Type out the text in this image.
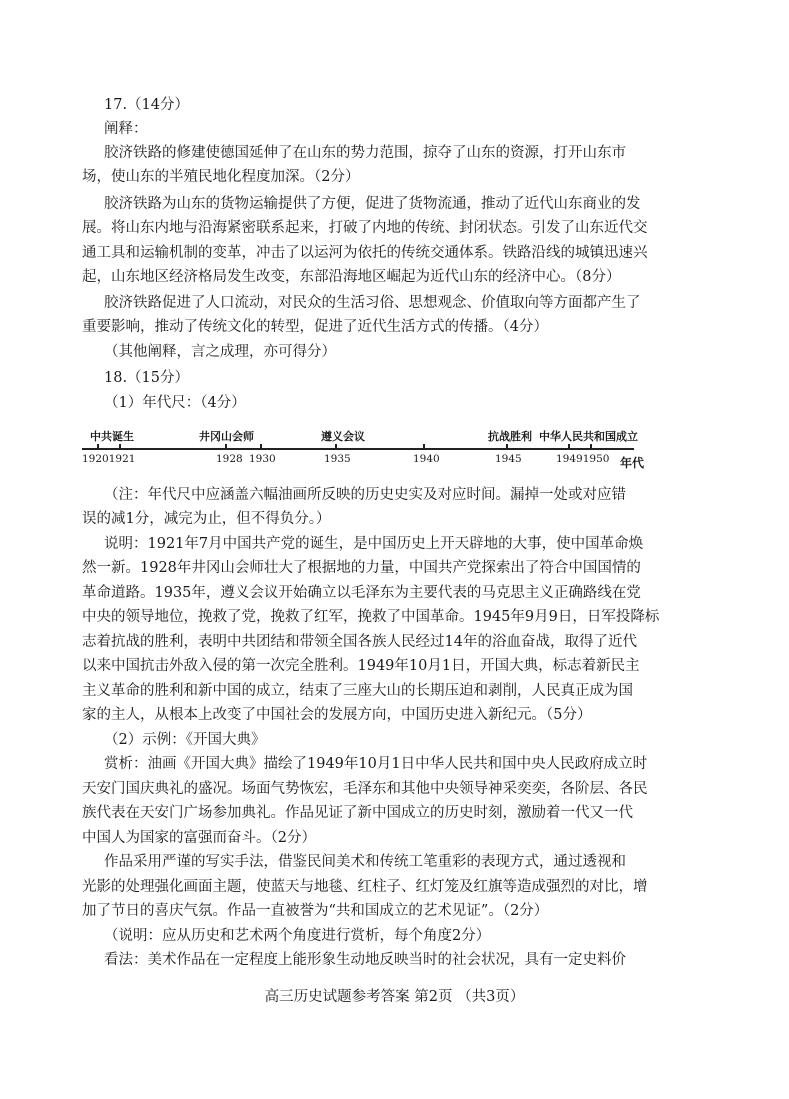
17.（14分）
阐释：
胶济铁路的修建使德国延伸了在山东的势力范围，掠夺了山东的资源，打开山东市
场，使山东的半殖民地化程度加深。（2分）
胶济铁路为山东的货物运输提供了方便，促进了货物流通，推动了近代山东商业的发
展。将山东内地与沿海紧密联系起来，打破了内地的传统、封闭状态。引发了山东近代交
通工具和运输机制的变革，冲击了以运河为依托的传统交通体系。铁路沿线的城镇迅速兴
起，山东地区经济格局发生改变，东部沿海地区崛起为近代山东的经济中心。（8分）
胶济铁路促进了人口流动，对民众的生活习俗、思想观念、价值取向等方面都产生了
重要影响，推动了传统文化的转型，促进了近代生活方式的传播。（4分）
（其他阐释，言之成理，亦可得分）
18.（15分）
（1）年代尺：（4分）
中共诞生	井冈山会师	遵义会议	抗战胜利 中华人民共和国成立
19201921	1928 1930	1935	1940	1945	19491950 年代
（注：年代尺中应涵盖六幅油画所反映的历史史实及对应时间。漏掉一处或对应错
误的减1分，减完为止，但不得负分。）
说明：1921年7月中国共产党的诞生，是中国历史上开天辟地的大事，使中国革命焕
然一新。1928年井冈山会师壮大了根据地的力量，中国共产党探索出了符合中国国情的
革命道路。1935年，遵义会议开始确立以毛泽东为主要代表的马克思主义正确路线在党
中央的领导地位，挽救了党，挽救了红军，挽救了中国革命。1945年9月9日，日军投降标
志着抗战的胜利，表明中共团结和带领全国各族人民经过14年的浴血奋战，取得了近代
以来中国抗击外敌入侵的第一次完全胜利。1949年10月1日，开国大典，标志着新民主
主义革命的胜利和新中国的成立，结束了三座大山的长期压迫和剥削，人民真正成为国
家的主人，从根本上改变了中国社会的发展方向，中国历史进入新纪元。（5分）
（2）示例：《开国大典》
赏析：油画《开国大典》描绘了1949年10月1日中华人民共和国中央人民政府成立时
天安门国庆典礼的盛况。场面气势恢宏，毛泽东和其他中央领导神采奕奕，各阶层、各民
族代表在天安门广场参加典礼。作品见证了新中国成立的历史时刻，激励着一代又一代
中国人为国家的富强而奋斗。（2分）
作品采用严谨的写实手法，借鉴民间美术和传统工笔重彩的表现方式，通过透视和
光影的处理强化画面主题，使蓝天与地毯、红柱子、红灯笼及红旗等造成强烈的对比，增
加了节日的喜庆气氛。作品一直被誉为“共和国成立的艺术见证”。（2分）
（说明：应从历史和艺术两个角度进行赏析，每个角度2分）
看法：美术作品在一定程度上能形象生动地反映当时的社会状况，具有一定史料价
高三历史试题参考答案 第2页 （共3页）
